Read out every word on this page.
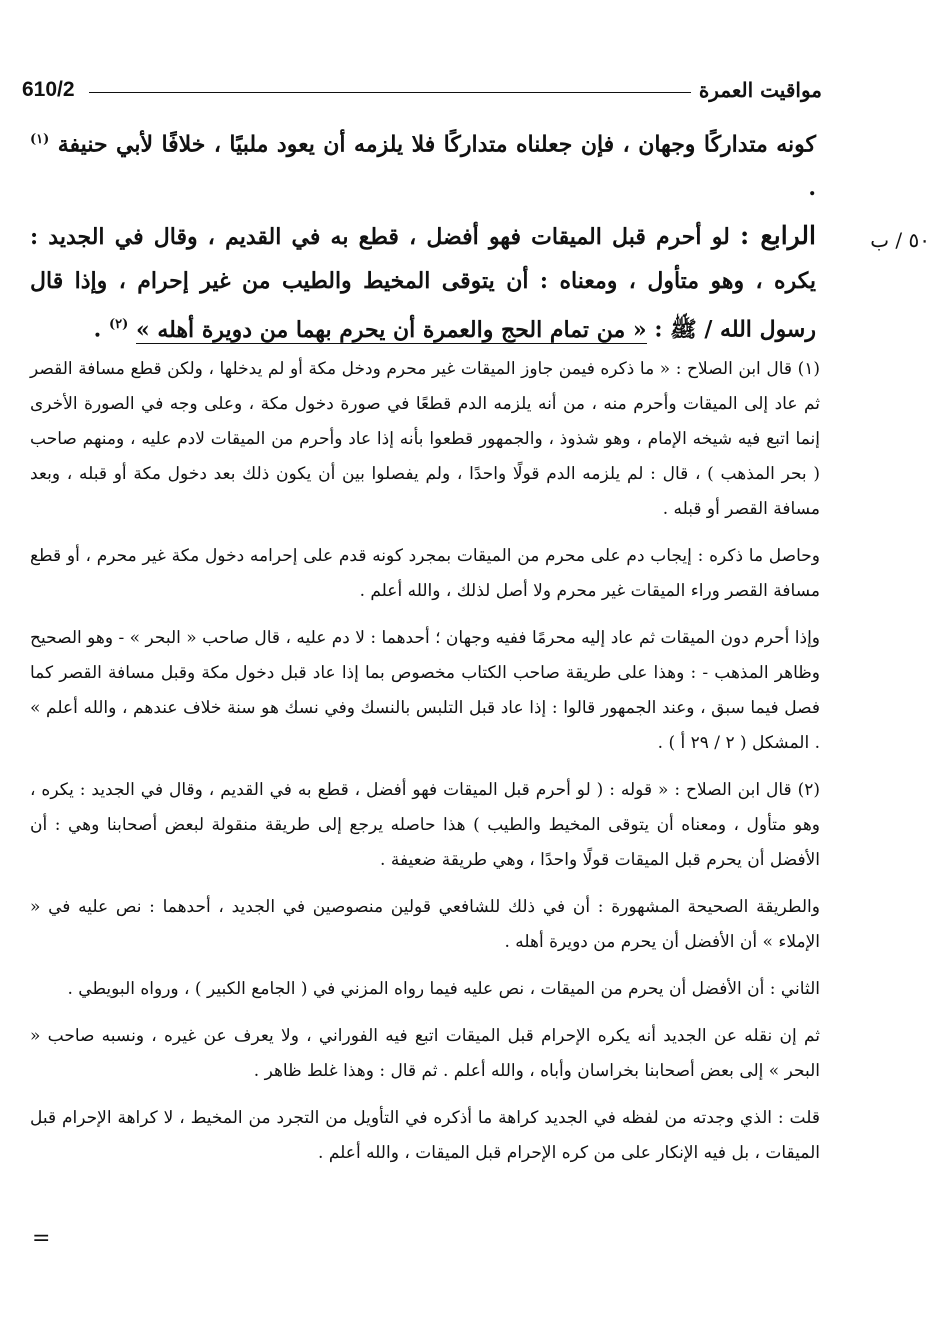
610/2	مواقيت العمرة
٥٠ / ب

كونه متداركًا وجهان ، فإن جعلناه متداركًا فلا يلزمه أن يعود ملبيًا ، خلافًا لأبي حنيفة $^{(١)}$ .

الرابع : لو أحرم قبل الميقات فهو أفضل ، قطع به في القديم ، وقال في الجديد : يكره ، وهو متأول ، ومعناه : أن يتوقى المخيط والطيب من غير إحرام ، وإذا قال رسول الله / ﷺ : « من تمام الحج والعمرة أن يحرم بهما من دويرة أهله » $^{(٢)}$ .

(١) قال ابن الصلاح : « ما ذكره فيمن جاوز الميقات غير محرم ودخل مكة أو لم يدخلها ، ولكن قطع مسافة القصر ثم عاد إلى الميقات وأحرم منه ، من أنه يلزمه الدم قطعًا في صورة دخول مكة ، وعلى وجه في الصورة الأخرى إنما اتبع فيه شيخه الإمام ، وهو شذوذ ، والجمهور قطعوا بأنه إذا عاد وأحرم من الميقات لادم عليه ، ومنهم صاحب ( بحر المذهب ) ، قال : لم يلزمه الدم قولًا واحدًا ، ولم يفصلوا بين أن يكون ذلك بعد دخول مكة أو قبله ، وبعد مسافة القصر أو قبله .

وحاصل ما ذكره : إيجاب دم على محرم من الميقات بمجرد كونه قدم على إحرامه دخول مكة غير محرم ، أو قطع مسافة القصر وراء الميقات غير محرم ولا أصل لذلك ، والله أعلم .

وإذا أحرم دون الميقات ثم عاد إليه محرمًا ففيه وجهان ؛ أحدهما : لا دم عليه ، قال صاحب « البحر » - وهو الصحيح وظاهر المذهب - : وهذا على طريقة صاحب الكتاب مخصوص بما إذا عاد قبل دخول مكة وقبل مسافة القصر كما فصل فيما سبق ، وعند الجمهور قالوا : إذا عاد قبل التلبس بالنسك وفي نسك هو سنة خلاف عندهم ، والله أعلم » . المشكل ( ٢ / ٢٩ أ ) .

(٢) قال ابن الصلاح : « قوله : ( لو أحرم قبل الميقات فهو أفضل ، قطع به في القديم ، وقال في الجديد : يكره ، وهو متأول ، ومعناه أن يتوقى المخيط والطيب ) هذا حاصله يرجع إلى طريقة منقولة لبعض أصحابنا وهي : أن الأفضل أن يحرم قبل الميقات قولًا واحدًا ، وهي طريقة ضعيفة .

والطريقة الصحيحة المشهورة : أن في ذلك للشافعي قولين منصوصين في الجديد ، أحدهما : نص عليه في « الإملاء » أن الأفضل أن يحرم من دويرة أهله .

الثاني : أن الأفضل أن يحرم من الميقات ، نص عليه فيما رواه المزني في ( الجامع الكبير ) ، ورواه البويطي .

ثم إن نقله عن الجديد أنه يكره الإحرام قبل الميقات اتبع فيه الفوراني ، ولا يعرف عن غيره ، ونسبه صاحب « البحر » إلى بعض أصحابنا بخراسان وأباه ، والله أعلم . ثم قال : وهذا غلط ظاهر .

قلت : الذي وجدته من لفظه في الجديد كراهة ما أذكره في التأويل من التجرد من المخيط ، لا كراهة الإحرام قبل الميقات ، بل فيه الإنكار على من كره الإحرام قبل الميقات ، والله أعلم .

=
